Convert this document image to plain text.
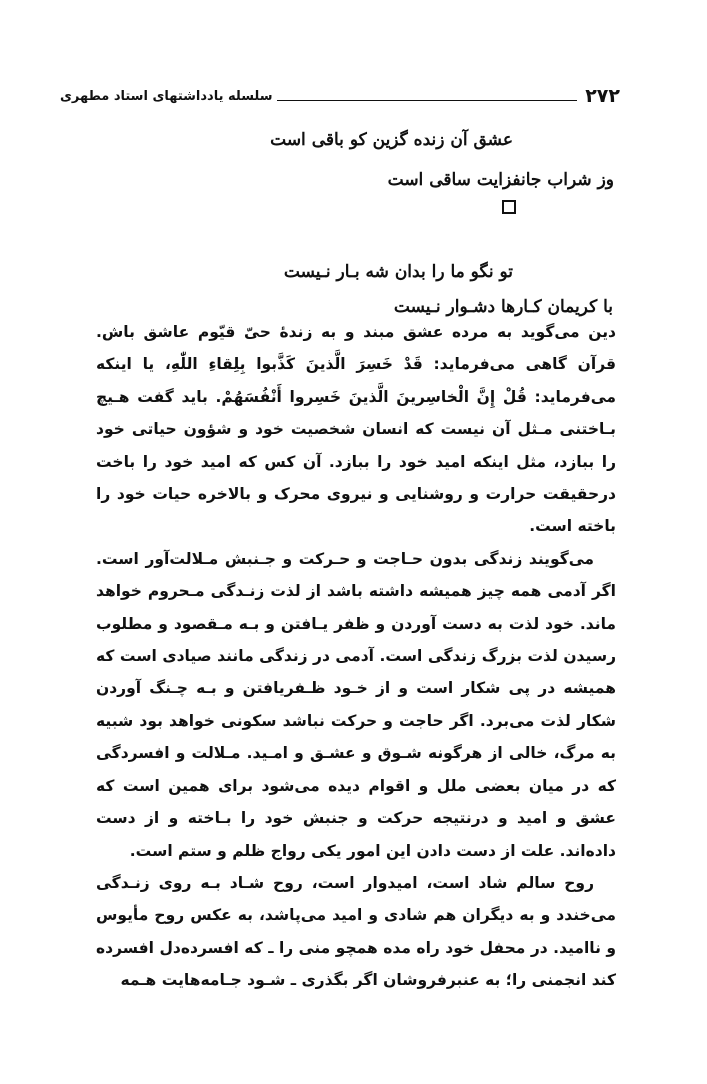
۲۷۲
سلسله یادداشتهای استاد مطهری
عشق آن زنده گزین کو باقی است
وز شراب جانفزایت ساقی است
تو نگو ما را بدان شه بـار نـیست
با کریمان کـارها دشـوار نـیست

دین می‌گوید به مرده عشق مبند و به زندهٔ حیّ قیّوم عاشق باش. قرآن گاهی می‌فرماید: قَدْ خَسِرَ الَّذینَ کَذَّبوا بِلِقاءِ اللّٰهِ، یا اینکه می‌فرماید: قُلْ إِنَّ الْخاسِرینَ الَّذینَ خَسِروا أَنْفُسَهُمْ. باید گفت هـیچ بـاختنی مـثل آن نیست که انسان شخصیت خود و شؤون حیاتی خود را ببازد، مثل اینکه امید خود را ببازد. آن کس که امید خود را باخت درحقیقت حرارت و روشنایی و نیروی محرک و بالاخره حیات خود را باخته است.

می‌گویند زندگی بدون حـاجت و حـرکت و جـنبش مـلالت‌آور است. اگر آدمی همه چیز همیشه داشته باشد از لذت زنـدگی مـحروم خواهد ماند. خود لذت به دست آوردن و ظفر یـافتن و بـه مـقصود و مطلوب رسیدن لذت بزرگ زندگی است. آدمی در زندگی مانند صیادی است که همیشه در پی شکار است و از خـود ظـفریافتن و بـه چـنگ آوردن شکار لذت می‌برد. اگر حاجت و حرکت نباشد سکونی خواهد بود شبیه به مرگ، خالی از هرگونه شـوق و عشـق و امـید. مـلالت و افسردگی که در میان بعضی ملل و اقوام دیده می‌شود برای همین است که عشق و امید و درنتیجه حرکت و جنبش خود را بـاخته و از دست داده‌اند. علت از دست دادن این امور یکی رواج ظلم و ستم است.

روح سالم شاد است، امیدوار است، روح شـاد بـه روی زنـدگی می‌خندد و به دیگران هم شادی و امید می‌پاشد، به عکس روح مأیوس و ناامید. در محفل خود راه مده همچو منی را ـ که افسرده‌دل افسرده کند انجمنی را؛ به عنبرفروشان اگر بگذری ـ شـود جـامه‌هایت هـمه
